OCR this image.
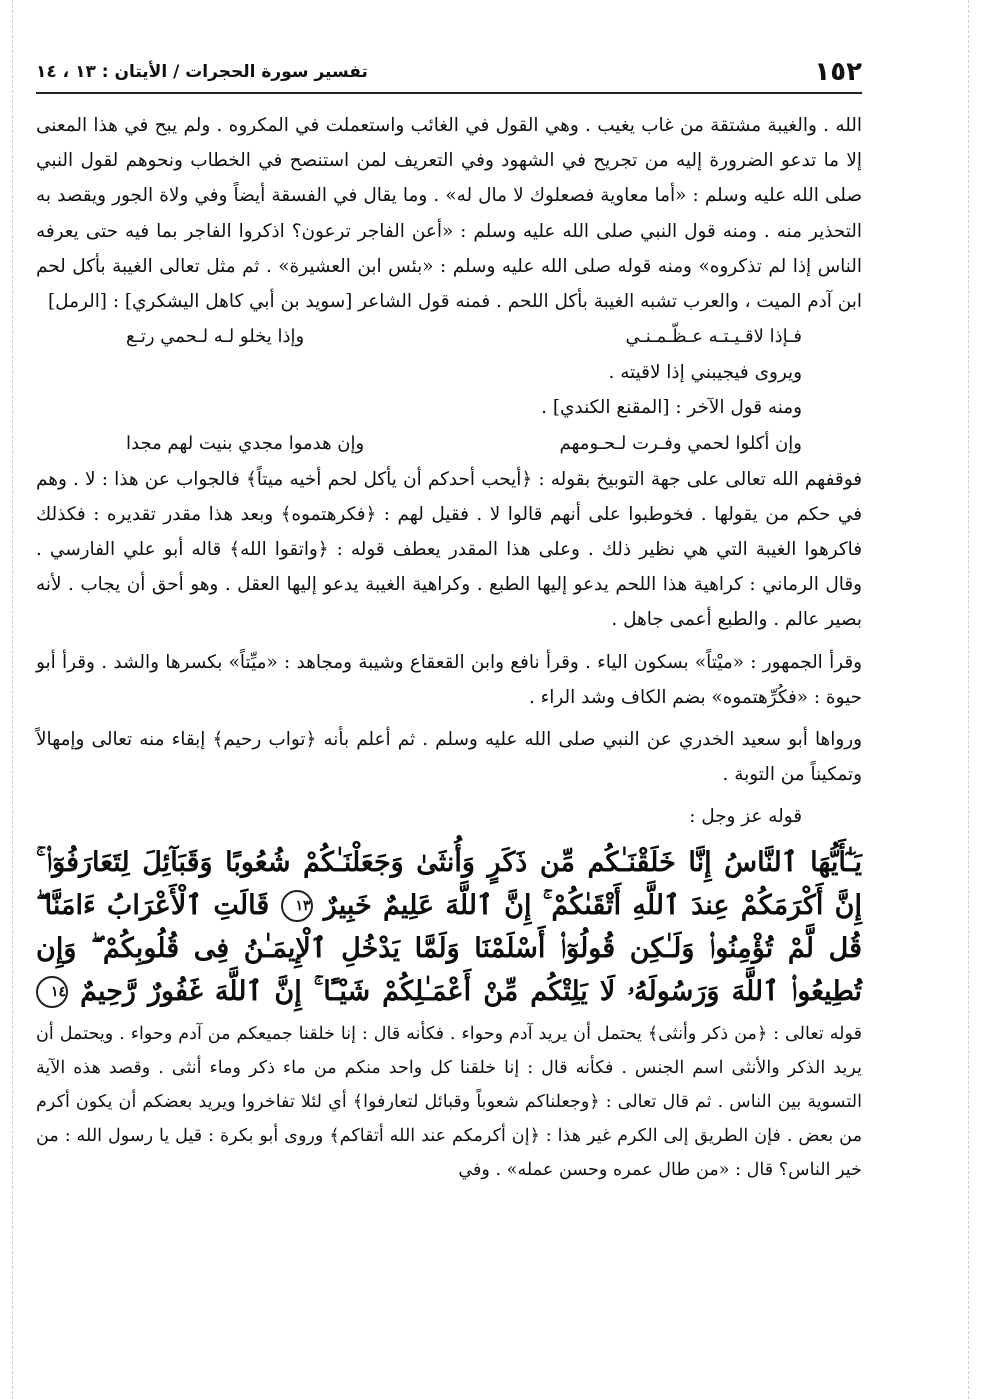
١٥٢
تفسير سورة الحجرات / الأيتان : ١٣ ، ١٤

الله . والغيبة مشتقة من غاب يغيب . وهي القول في الغائب واستعملت في المكروه . ولم يبح في هذا المعنى إلا ما تدعو الضرورة إليه من تجريح في الشهود وفي التعريف لمن استنصح في الخطاب ونحوهم لقول النبي صلى الله عليه وسلم : «أما معاوية فصعلوك لا مال له» . وما يقال في الفسقة أيضاً وفي ولاة الجور ويقصد به التحذير منه . ومنه قول النبي صلى الله عليه وسلم : «أعن الفاجر ترعون؟ اذكروا الفاجر بما فيه حتى يعرفه الناس إذا لم تذكروه» ومنه قوله صلى الله عليه وسلم : «بئس ابن العشيرة» . ثم مثل تعالى الغيبة بأكل لحم ابن آدم الميت ، والعرب تشبه الغيبة بأكل اللحم . فمنه قول الشاعر [سويد بن أبي كاهل اليشكري] : [الرمل]

فـإذا لاقـيـتـه عـظّـمـنـي
وإذا يخلو لـه لـحمي رتـع

ويروى فيجيبني إذا لاقيته .

ومنه قول الآخر : [المقنع الكندي] .

وإن أكلوا لحمي وفـرت لـحـومهم
وإن هدموا مجدي بنيت لهم مجدا

فوقفهم الله تعالى على جهة التوبيخ بقوله : ﴿أيحب أحدكم أن يأكل لحم أخيه ميتاً﴾ فالجواب عن هذا : لا . وهم في حكم من يقولها . فخوطبوا على أنهم قالوا لا . فقيل لهم : ﴿فكرهتموه﴾ وبعد هذا مقدر تقديره : فكذلك فاكرهوا الغيبة التي هي نظير ذلك . وعلى هذا المقدر يعطف قوله : ﴿واتقوا الله﴾ قاله أبو علي الفارسي . وقال الرماني : كراهية هذا اللحم يدعو إليها الطبع . وكراهية الغيبة يدعو إليها العقل . وهو أحق أن يجاب . لأنه بصير عالم . والطبع أعمى جاهل .

وقرأ الجمهور : «ميْتاً» بسكون الياء . وقرأ نافع وابن القعقاع وشيبة ومجاهد : «ميِّتاً» بكسرها والشد . وقرأ أبو حيوة : «فكُرِّهتموه» بضم الكاف وشد الراء .

ورواها أبو سعيد الخدري عن النبي صلى الله عليه وسلم . ثم أعلم بأنه ﴿تواب رحيم﴾ إبقاء منه تعالى وإمهالاً وتمكيناً من التوبة .

قوله عز وجل :

يَـٰٓأَيُّهَا ٱلنَّاسُ إِنَّا خَلَقْنَـٰكُم مِّن ذَكَرٍ وَأُنثَىٰ وَجَعَلْنَـٰكُمْ شُعُوبًا وَقَبَآئِلَ لِتَعَارَفُوٓا۟ ۚ إِنَّ أَكْرَمَكُمْ عِندَ ٱللَّهِ أَتْقَىٰكُمْ ۚ إِنَّ ٱللَّهَ عَلِيمٌ خَبِيرٌ ١٣ قَالَتِ ٱلْأَعْرَابُ ءَامَنَّا ۖ قُل لَّمْ تُؤْمِنُوا۟ وَلَـٰكِن قُولُوٓا۟ أَسْلَمْنَا وَلَمَّا يَدْخُلِ ٱلْإِيمَـٰنُ فِى قُلُوبِكُمْ ۖ وَإِن تُطِيعُوا۟ ٱللَّهَ وَرَسُولَهُۥ لَا يَلِتْكُم مِّنْ أَعْمَـٰلِكُمْ شَيْـًٔا ۚ إِنَّ ٱللَّهَ غَفُورٌ رَّحِيمٌ ١٤

قوله تعالى : ﴿من ذكر وأنثى﴾ يحتمل أن يريد آدم وحواء . فكأنه قال : إنا خلقنا جميعكم من آدم وحواء . ويحتمل أن يريد الذكر والأنثى اسم الجنس . فكأنه قال : إنا خلقنا كل واحد منكم من ماء ذكر وماء أنثى . وقصد هذه الآية التسوية بين الناس . ثم قال تعالى : ﴿وجعلناكم شعوباً وقبائل لتعارفوا﴾ أي لئلا تفاخروا ويريد بعضكم أن يكون أكرم من بعض . فإن الطريق إلى الكرم غير هذا : ﴿إن أكرمكم عند الله أتقاكم﴾ وروى أبو بكرة : قيل يا رسول الله : من خير الناس؟ قال : «من طال عمره وحسن عمله» . وفي
